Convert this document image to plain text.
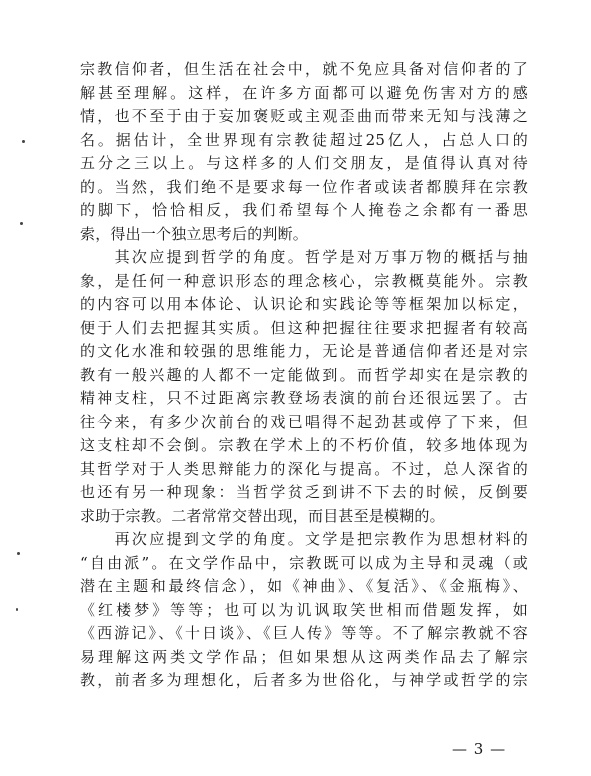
宗教信仰者，但生活在社会中，就不免应具备对信仰者的了
解甚至理解。这样，在许多方面都可以避免伤害对方的感
情，也不至于由于妄加褒贬或主观歪曲而带来无知与浅薄之
名。据估计，全世界现有宗教徒超过25亿人，占总人口的
五分之三以上。与这样多的人们交朋友，是值得认真对待
的。当然，我们绝不是要求每一位作者或读者都膜拜在宗教
的脚下，恰恰相反，我们希望每个人掩卷之余都有一番思
索，得出一个独立思考后的判断。
　　其次应提到哲学的角度。哲学是对万事万物的概括与抽
象，是任何一种意识形态的理念核心，宗教概莫能外。宗教
的内容可以用本体论、认识论和实践论等等框架加以标定，
便于人们去把握其实质。但这种把握往往要求把握者有较高
的文化水准和较强的思维能力，无论是普通信仰者还是对宗
教有一般兴趣的人都不一定能做到。而哲学却实在是宗教的
精神支柱，只不过距离宗教登场表演的前台还很远罢了。古
往今来，有多少次前台的戏已唱得不起劲甚或停了下来，但
这支柱却不会倒。宗教在学术上的不朽价值，较多地体现为
其哲学对于人类思辩能力的深化与提高。不过，总人深省的
也还有另一种现象：当哲学贫乏到讲不下去的时候，反倒要
求助于宗教。二者常常交替出现，而目甚至是模糊的。
　　再次应提到文学的角度。文学是把宗教作为思想材料的
“自由派”。在文学作品中，宗教既可以成为主导和灵魂（或
潜在主题和最终信念），如《神曲》、《复活》、《金瓶梅》、
《红楼梦》等等；也可以为讥讽取笑世相而借题发挥，如
《西游记》、《十日谈》、《巨人传》等等。不了解宗教就不容
易理解这两类文学作品；但如果想从这两类作品去了解宗
教，前者多为理想化，后者多为世俗化，与神学或哲学的宗
— 3 —
